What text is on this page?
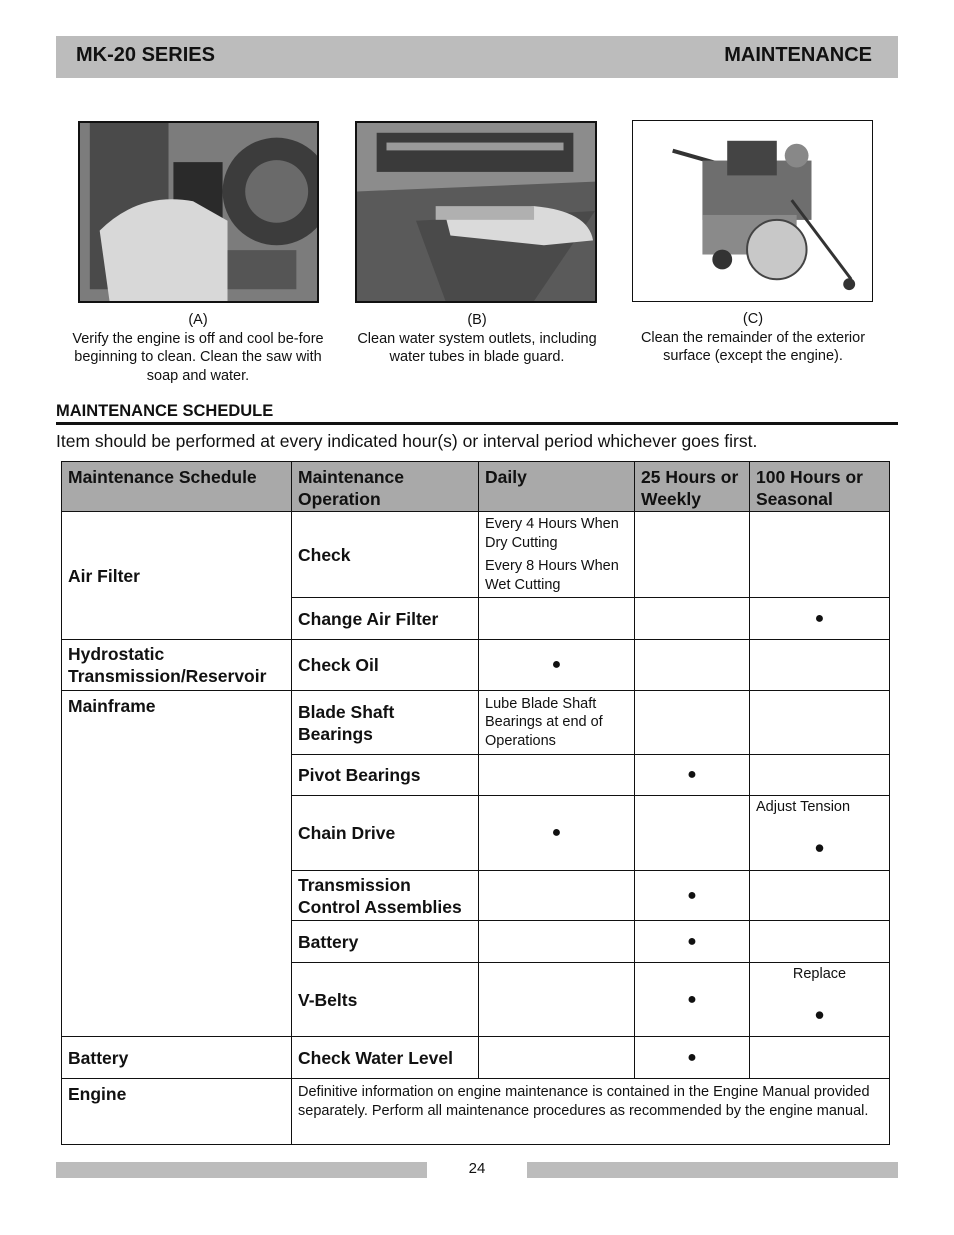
MK-20 SERIES	MAINTENANCE
(A)
Verify the engine is off and cool be-fore beginning to clean. Clean the saw with soap and water.
(B)
Clean water system outlets, including water tubes in blade guard.
(C)
Clean the remainder of the exterior surface (except the engine).
MAINTENANCE SCHEDULE
Item should be performed at every indicated hour(s) or interval period whichever goes first.
Maintenance Schedule	Maintenance Operation	Daily	25 Hours or Weekly	100 Hours or Seasonal
Air Filter	Check	Every 4 Hours When Dry Cutting
Every 8 Hours When Wet Cutting		

	Change Air Filter			●
Hydrostatic Transmission/Reservoir	Check Oil	●		
Mainframe	Blade Shaft Bearings	Lube Blade Shaft Bearings at end of Operations		
	Pivot Bearings		●	
	Chain Drive	●		Adjust Tension
●

	Transmission Control Assemblies		●	
	Battery		●	
	V-Belts		●	Replace
●

Battery	Check Water Level		●	
Engine	Definitive information on engine maintenance is contained in the Engine Manual provided separately. Perform all maintenance procedures as recommended by the engine manual.			
24
